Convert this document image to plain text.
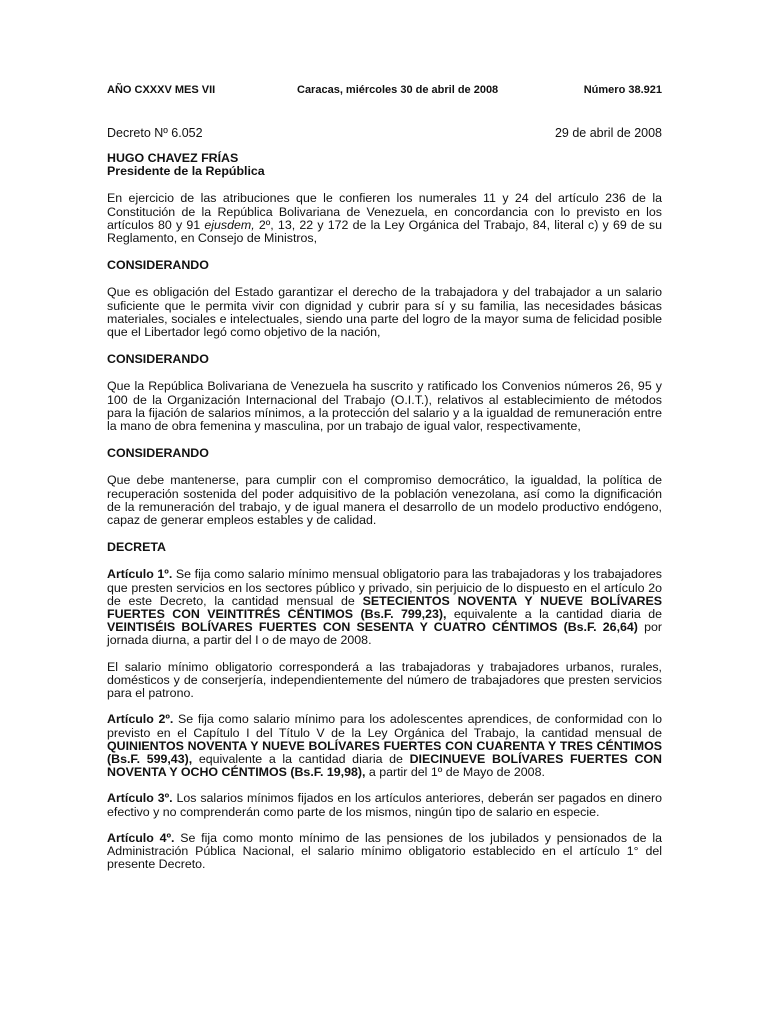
AÑO CXXXV MES VII	Caracas, miércoles 30 de abril de 2008	Número 38.921
Decreto Nº 6.052	29 de abril de 2008

HUGO CHAVEZ FRÍAS

Presidente de la República

En ejercicio de las atribuciones que le confieren los numerales 11 y 24 del artículo 236 de la Constitución de la República Bolivariana de Venezuela, en concordancia con lo previsto en los artículos 80 y 91 ejusdem, 2º, 13, 22 y 172 de la Ley Orgánica del Trabajo, 84, literal c) y 69 de su Reglamento, en Consejo de Ministros,

CONSIDERANDO

Que es obligación del Estado garantizar el derecho de la trabajadora y del trabajador a un salario suficiente que le permita vivir con dignidad y cubrir para sí y su familia, las necesidades básicas materiales, sociales e intelectuales, siendo una parte del logro de la mayor suma de felicidad posible que el Libertador legó como objetivo de la nación,

CONSIDERANDO

Que la República Bolivariana de Venezuela ha suscrito y ratificado los Convenios números 26, 95 y 100 de la Organización Internacional del Trabajo (O.I.T.), relativos al establecimiento de métodos para la fijación de salarios mínimos, a la protección del salario y a la igualdad de remuneración entre la mano de obra femenina y masculina, por un trabajo de igual valor, respectivamente,

CONSIDERANDO

Que debe mantenerse, para cumplir con el compromiso democrático, la igualdad, la política de recuperación sostenida del poder adquisitivo de la población venezolana, así como la dignificación de la remuneración del trabajo, y de igual manera el desarrollo de un modelo productivo endógeno, capaz de generar empleos estables y de calidad.

DECRETA

Artículo 1º. Se fija como salario mínimo mensual obligatorio para las trabajadoras y los trabajadores que presten servicios en los sectores público y privado, sin perjuicio de lo dispuesto en el artículo 2o de este Decreto, la cantidad mensual de SETECIENTOS NOVENTA Y NUEVE BOLÍVARES FUERTES CON VEINTITRÉS CÉNTIMOS (Bs.F. 799,23), equivalente a la cantidad diaria de VEINTISÉIS BOLÍVARES FUERTES CON SESENTA Y CUATRO CÉNTIMOS (Bs.F. 26,64) por jornada diurna, a partir del I o de mayo de 2008.

El salario mínimo obligatorio corresponderá a las trabajadoras y trabajadores urbanos, rurales, domésticos y de conserjería, independientemente del número de trabajadores que presten servicios para el patrono.

Artículo 2º. Se fija como salario mínimo para los adolescentes aprendices, de conformidad con lo previsto en el Capítulo I del Título V de la Ley Orgánica del Trabajo, la cantidad mensual de QUINIENTOS NOVENTA Y NUEVE BOLÍVARES FUERTES CON CUARENTA Y TRES CÉNTIMOS (Bs.F. 599,43), equivalente a la cantidad diaria de DIECINUEVE BOLÍVARES FUERTES CON NOVENTA Y OCHO CÉNTIMOS (Bs.F. 19,98), a partir del 1º de Mayo de 2008.

Artículo 3º. Los salarios mínimos fijados en los artículos anteriores, deberán ser pagados en dinero efectivo y no comprenderán como parte de los mismos, ningún tipo de salario en especie.

Artículo 4º. Se fija como monto mínimo de las pensiones de los jubilados y pensionados de la Administración Pública Nacional, el salario mínimo obligatorio establecido en el artículo 1° del presente Decreto.
